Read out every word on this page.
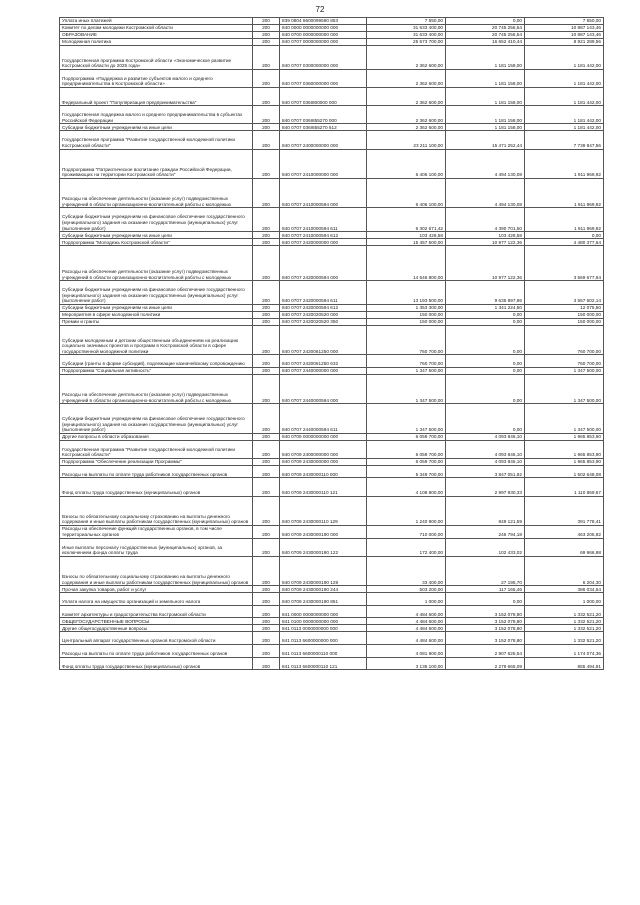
72
Уплата иных платежей	200	839 0804 6600099590 853	7 550,00	0,00	7 550,00
Комитет по делам молодежи Костромской области	200	840 0000 0000000000 000	31 633 400,00	20 745 256,54	10 887 143,46
ОБРАЗОВАНИЕ	200	840 0700 0000000000 000	31 633 400,00	20 745 256,54	10 887 143,46
Молодежная политика	200	840 0707 0000000000 000	25 573 700,00	16 652 410,44	8 921 289,56
Государственная программа Костромской области «Экономическое развитие Костромской области до 2025 года»	200	840 0707 0300000000 000	2 362 600,00	1 181 158,00	1 181 442,00
Подпрограмма «Поддержка и развитие субъектов малого и среднего предпринимательства в Костромской области»	200	840 0707 0360000000 000	2 362 600,00	1 181 158,00	1 181 442,00
Федеральный проект "Популяризация предпринимательства"	200	840 0707 036I800000 000	2 362 600,00	1 181 158,00	1 181 442,00
Государственная поддержка малого и среднего предпринимательства в субъектах Российской Федерации	200	840 0707 036I855270 000	2 362 600,00	1 181 158,00	1 181 442,00
Субсидии бюджетным учреждениям на иные цели	200	840 0707 036I855270 612	2 362 600,00	1 181 158,00	1 181 442,00
Государственная программа "Развитие государственной молодежной политики Костромской области"	200	840 0707 2400000000 000	23 211 100,00	15 471 252,44	7 739 847,56
Подпрограмма "Патриотическое воспитание граждан Российской Федерации, проживающих на территории Костромской области"	200	840 0707 2410000000 000	6 406 100,00	4 494 130,08	1 911 969,92
Расходы на обеспечение деятельности (оказание услуг) подведомственных учреждений в области организационно-воспитательной работы с молодежью	200	840 0707 2410000594 000	6 406 100,00	4 494 130,08	1 911 969,92
Субсидии бюджетным учреждениям на финансовое обеспечение государственного (муниципального) задания на оказание государственных (муниципальных) услуг (выполнение работ)	200	840 0707 2410000594 611	6 302 671,42	4 390 701,50	1 911 969,92
Субсидии бюджетным учреждениям на иные цели	200	840 0707 2410000594 612	103 428,58	103 428,58	0,00
Подпрограмма "Молодежь Костромской области"	200	840 0707 2420000000 000	15 457 500,00	10 977 122,36	4 480 377,64
Расходы на обеспечение деятельности (оказание услуг) подведомственных учреждений в области организационно-воспитательной работы с молодежью	200	840 0707 2420000594 000	14 546 800,00	10 977 122,36	3 569 677,64
Субсидии бюджетным учреждениям на финансовое обеспечение государственного (муниципального) задания на оказание государственных (муниципальных) услуг (выполнение работ)	200	840 0707 2420000594 611	13 193 500,00	9 635 897,86	3 557 602,14
Субсидии бюджетным учреждениям на иные цели	200	840 0707 2420000594 612	1 353 300,00	1 341 224,50	12 075,50
Мероприятия в сфере молодежной политики	200	840 0707 2420020520 000	150 000,00	0,00	150 000,00
Премии и гранты	200	840 0707 2420020520 350	150 000,00	0,00	150 000,00
Субсидии молодежным и детским общественным объединениям на реализацию социально значимых проектов и программ в Костромской области в сфере государственной молодежной политики	200	840 0707 2420061250 000	760 700,00	0,00	760 700,00
Субсидии (гранты в форме субсидий), подлежащие казначейскому сопровождению	200	840 0707 2420061250 632	760 700,00	0,00	760 700,00
Подпрограмма "Социальная активность"	200	840 0707 2440000000 000	1 347 500,00	0,00	1 347 500,00
Расходы на обеспечение деятельности (оказание услуг) подведомственных учреждений в области организационно-воспитательной работы с молодежью	200	840 0707 2440000594 000	1 347 500,00	0,00	1 347 500,00
Субсидии бюджетным учреждениям на финансовое обеспечение государственного (муниципального) задания на оказание государственных (муниципальных) услуг (выполнение работ)	200	840 0707 2440000594 611	1 347 500,00	0,00	1 347 500,00
Другие вопросы в области образования	200	840 0709 0000000000 000	6 059 700,00	4 093 846,10	1 965 853,90
Государственная программа "Развитие государственной молодежной политики Костромской области"	200	840 0709 2400000000 000	6 059 700,00	4 093 846,10	1 965 853,90
Подпрограмма "Обеспечение реализации Программы"	200	840 0709 2430000000 000	6 059 700,00	4 093 846,10	1 965 853,90
Расходы на выплаты по оплате труда работников государственных органов	200	840 0709 2430000110 000	5 349 700,00	3 847 051,92	1 502 648,08
Фонд оплаты труда государственных (муниципальных) органов	200	840 0709 2430000110 121	4 108 800,00	2 997 930,33	1 110 869,67
Взносы по обязательному социальному страхованию на выплаты денежного содержания и иные выплаты работникам государственных (муниципальных) органов	200	840 0709 2430000110 129	1 240 900,00	849 121,59	391 778,41
Расходы на обеспечение функций государственных органов, в том числе территориальных органов	200	840 0709 2430000190 000	710 000,00	246 794,18	463 205,82
Иные выплаты персоналу государственных (муниципальных) органов, за исключением фонда оплаты труда	200	840 0709 2430000190 122	172 400,00	102 433,02	69 966,98
Взносы по обязательному социальному страхованию на выплаты денежного содержания и иные выплаты работникам государственных (муниципальных) органов	200	840 0709 2430000190 129	33 400,00	27 195,70	6 204,30
Прочая закупка товаров, работ и услуг	200	840 0709 2430000190 244	503 200,00	117 165,46	386 034,54
Уплата налога на имущество организаций и земельного налога	200	840 0709 2430000190 851	1 000,00	0,00	1 000,00
Комитет архитектуры и градостроительства Костромской области	200	841 0000 0000000000 000	4 484 600,00	3 152 078,80	1 332 521,20
ОБЩЕГОСУДАРСТВЕННЫЕ ВОПРОСЫ	200	841 0100 0000000000 000	4 484 600,00	3 152 078,80	1 332 521,20
Другие общегосударственные вопросы	200	841 0113 0000000000 000	4 484 600,00	3 152 078,80	1 332 521,20
Центральный аппарат государственных органов Костромской области	200	841 0113 6600000000 000	4 484 600,00	3 152 078,80	1 332 521,20
Расходы на выплаты по оплате труда работников государственных органов	200	841 0113 6600000110 000	4 081 900,00	2 907 625,54	1 174 074,36
Фонд оплаты труда государственных (муниципальных) органов	200	841 0113 6600000110 121	3 135 100,00	2 279 665,09	855 494,91
